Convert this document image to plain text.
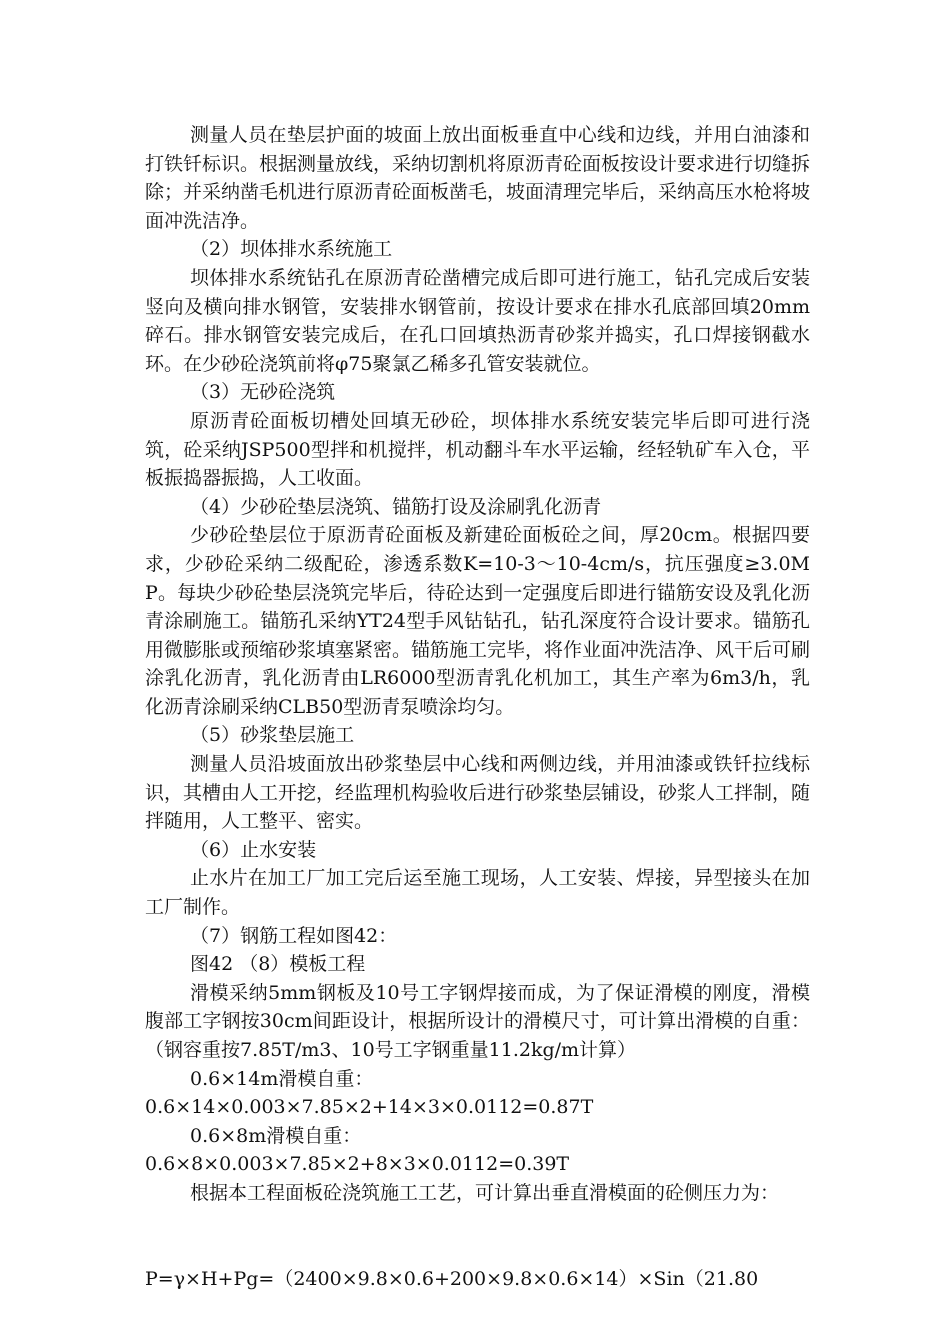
测量人员在垫层护面的坡面上放出面板垂直中心线和边线，并用白油漆和打铁钎标识。根据测量放线，采纳切割机将原沥青砼面板按设计要求进行切缝拆除；并采纳凿毛机进行原沥青砼面板凿毛，坡面清理完毕后，采纳高压水枪将坡面冲洗洁净。

（2）坝体排水系统施工

坝体排水系统钻孔在原沥青砼凿槽完成后即可进行施工，钻孔完成后安装竖向及横向排水钢管，安装排水钢管前，按设计要求在排水孔底部回填20mm碎石。排水钢管安装完成后，在孔口回填热沥青砂浆并捣实，孔口焊接钢截水环。在少砂砼浇筑前将φ75聚氯乙稀多孔管安装就位。

（3）无砂砼浇筑

原沥青砼面板切槽处回填无砂砼，坝体排水系统安装完毕后即可进行浇筑，砼采纳JSP500型拌和机搅拌，机动翻斗车水平运输，经轻轨矿车入仓，平板振捣器振捣，人工收面。

（4）少砂砼垫层浇筑、锚筋打设及涂刷乳化沥青

少砂砼垫层位于原沥青砼面板及新建砼面板砼之间，厚20cm。根据四要求，少砂砼采纳二级配砼，渗透系数K=10-3～10-4cm/s，抗压强度≥3.0MP。每块少砂砼垫层浇筑完毕后，待砼达到一定强度后即进行锚筋安设及乳化沥青涂刷施工。锚筋孔采纳YT24型手风钻钻孔，钻孔深度符合设计要求。锚筋孔用微膨胀或预缩砂浆填塞紧密。锚筋施工完毕，将作业面冲洗洁净、风干后可刷涂乳化沥青，乳化沥青由LR6000型沥青乳化机加工，其生产率为6m3/h，乳化沥青涂刷采纳CLB50型沥青泵喷涂均匀。

（5）砂浆垫层施工

测量人员沿坡面放出砂浆垫层中心线和两侧边线，并用油漆或铁钎拉线标识，其槽由人工开挖，经监理机构验收后进行砂浆垫层铺设，砂浆人工拌制，随拌随用，人工整平、密实。

（6）止水安装

止水片在加工厂加工完后运至施工现场，人工安装、焊接，异型接头在加工厂制作。

（7）钢筋工程如图42：

图42 （8）模板工程

滑模采纳5mm钢板及10号工字钢焊接而成，为了保证滑模的刚度，滑模腹部工字钢按30cm间距设计，根据所设计的滑模尺寸，可计算出滑模的自重：（钢容重按7.85T/m3、10号工字钢重量11.2kg/m计算）

0.6×14m滑模自重：

0.6×14×0.003×7.85×2+14×3×0.0112=0.87T

0.6×8m滑模自重：

0.6×8×0.003×7.85×2+8×3×0.0112=0.39T

根据本工程面板砼浇筑施工工艺，可计算出垂直滑模面的砼侧压力为：

P=γ×H+Pg=（2400×9.8×0.6+200×9.8×0.6×14）×Sin（21.80
